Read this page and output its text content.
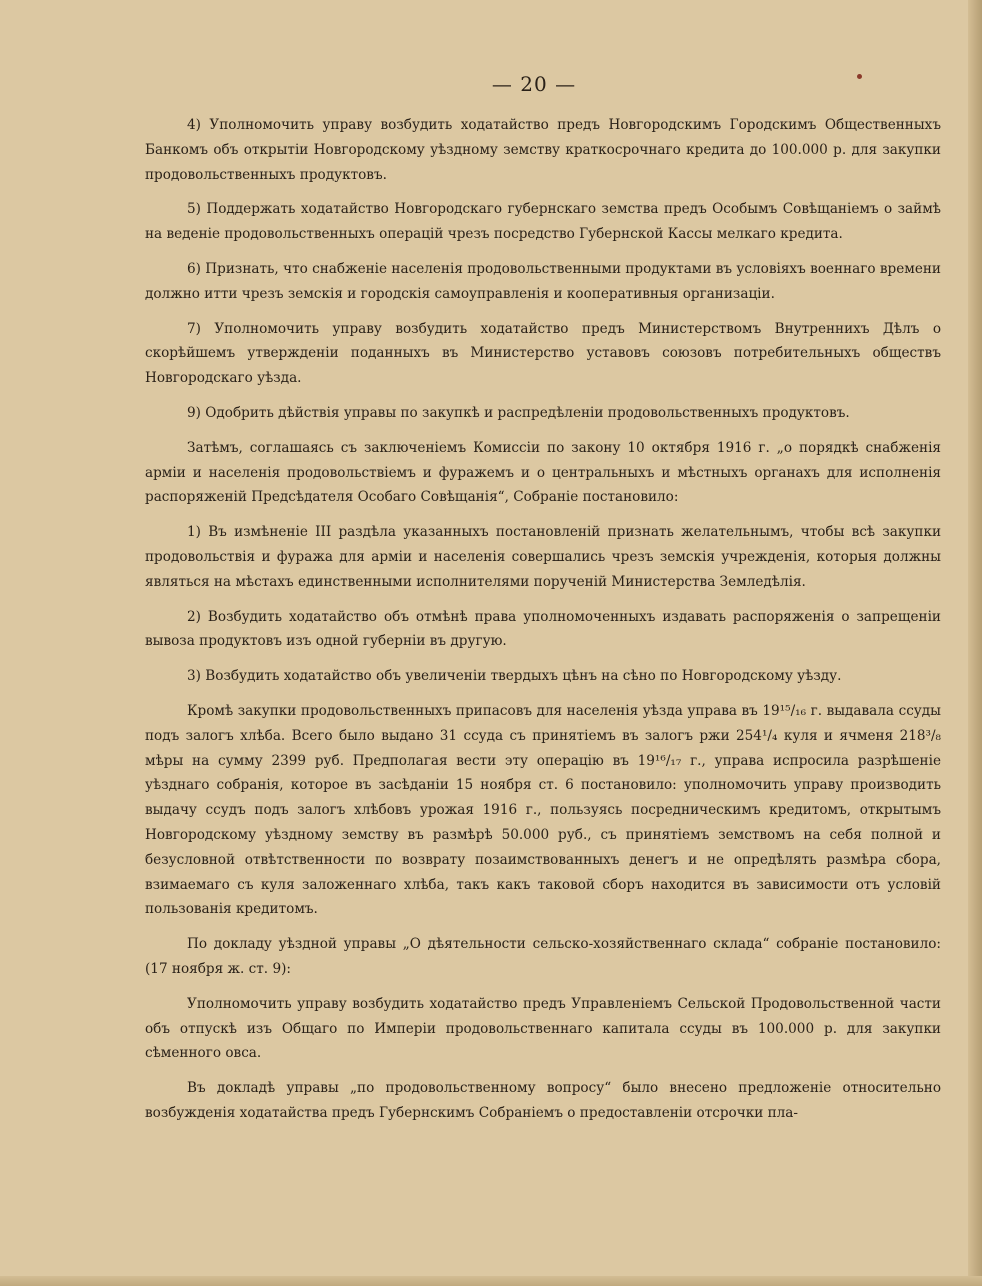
— 20 —

4) Уполномочить управу возбудить ходатайство предъ Новгородскимъ Городскимъ Общественныхъ Банкомъ объ открытiи Новгородскому уѣздному земству краткосрочнаго кредита до 100.000 р. для закупки продовольственныхъ продуктовъ.

5) Поддержать ходатайство Новгородскаго губернскаго земства предъ Особымъ Совѣщанiемъ о займѣ на веденiе продовольственныхъ операцiй чрезъ посредство Губернской Кассы мелкаго кредита.

6) Признать, что снабженiе населенiя продовольственными продуктами въ условiяхъ военнаго времени должно итти чрезъ земскiя и городскiя самоуправленiя и кооперативныя организацiи.

7) Уполномочить управу возбудить ходатайство предъ Министерствомъ Внутреннихъ Дѣлъ о скорѣйшемъ утвержденiи поданныхъ въ Министерство уставовъ союзовъ потребительныхъ обществъ Новгородскаго уѣзда.

9) Одобрить дѣйствiя управы по закупкѣ и распредѣленiи продовольственныхъ продуктовъ.

Затѣмъ, соглашаясь съ заключенiемъ Комиссiи по закону 10 октября 1916 г. „о порядкѣ снабженiя армiи и населенiя продовольствiемъ и фуражемъ и о центральныхъ и мѣстныхъ органахъ для исполненiя распоряженiй Предсѣдателя Особаго Совѣщанiя“, Собранiе постановило:

1) Въ измѣненiе III раздѣла указанныхъ постановленiй признать желательнымъ, чтобы всѣ закупки продовольствiя и фуража для армiи и населенiя совершались чрезъ земскiя учрежденiя, которыя должны являться на мѣстахъ единственными исполнителями порученiй Министерства Земледѣлiя.

2) Возбудить ходатайство объ отмѣнѣ права уполномоченныхъ издавать распоряженiя о запрещенiи вывоза продуктовъ изъ одной губернiи въ другую.

3) Возбудить ходатайство объ увеличенiи твердыхъ цѣнъ на сѣно по Новгородскому уѣзду.

Кромѣ закупки продовольственныхъ припасовъ для населенiя уѣзда управа въ 19¹⁵/₁₆ г. выдавала ссуды подъ залогъ хлѣба. Всего было выдано 31 ссуда съ принятiемъ въ залогъ ржи 254¹/₄ куля и ячменя 218³/₈ мѣры на сумму 2399 руб. Предполагая вести эту операцiю въ 19¹⁶/₁₇ г., управа испросила разрѣшенiе уѣзднаго собранiя, которое въ засѣданiи 15 ноября ст. 6 постановило: уполномочить управу производить выдачу ссудъ подъ залогъ хлѣбовъ урожая 1916 г., пользуясь посредническимъ кредитомъ, открытымъ Новгородскому уѣздному земству въ размѣрѣ 50.000 руб., съ принятiемъ земствомъ на себя полной и безусловной отвѣтственности по возврату позаимствованныхъ денегъ и не опредѣлять размѣра сбора, взимаемаго съ куля заложеннаго хлѣба, такъ какъ таковой сборъ находится въ зависимости отъ условiй пользованiя кредитомъ.

По докладу уѣздной управы „О дѣятельности сельско-хозяйственнаго склада“ собранiе постановило: (17 ноября ж. ст. 9):

Уполномочить управу возбудить ходатайство предъ Управленiемъ Сельской Продовольственной части объ отпускѣ изъ Общаго по Имперiи продовольственнаго капитала ссуды въ 100.000 р. для закупки сѣменного овса.

Въ докладѣ управы „по продовольственному вопросу“ было внесено предложенiе относительно возбужденiя ходатайства предъ Губернскимъ Собранiемъ о предоставленiи отсрочки пла-
